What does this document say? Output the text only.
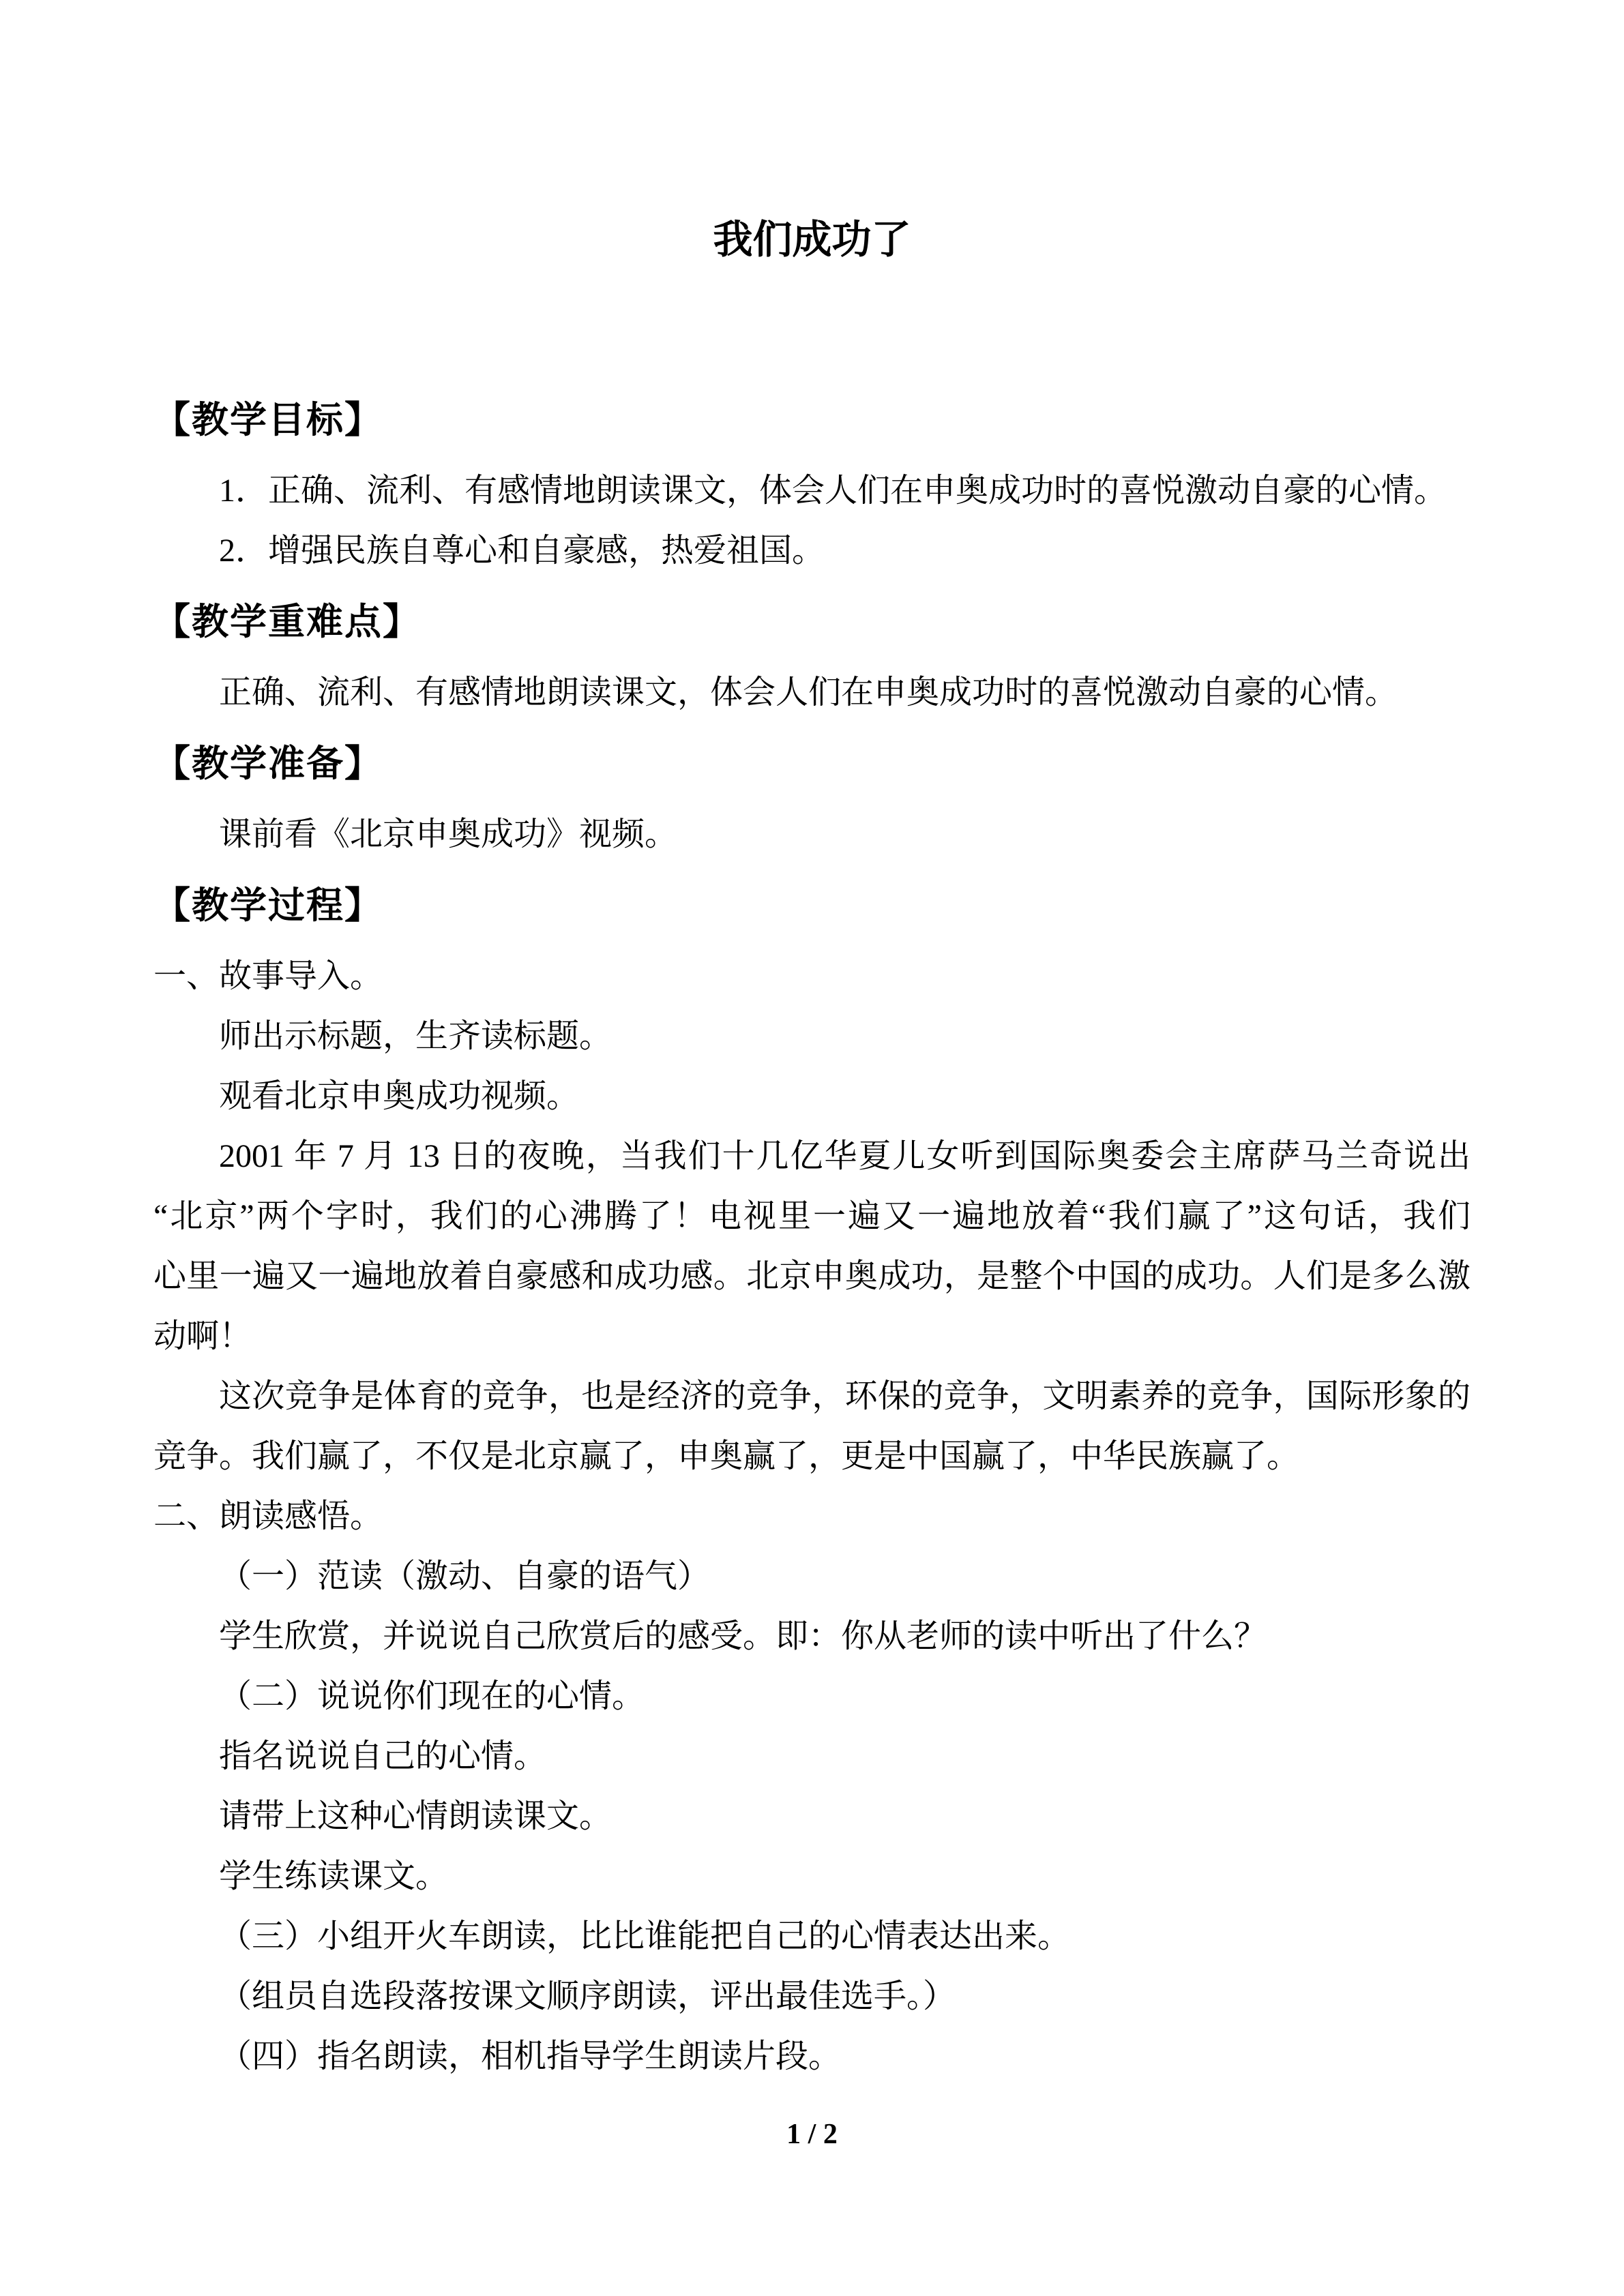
我们成功了

【教学目标】

1．正确、流利、有感情地朗读课文，体会人们在申奥成功时的喜悦激动自豪的心情。

2．增强民族自尊心和自豪感，热爱祖国。

【教学重难点】

正确、流利、有感情地朗读课文，体会人们在申奥成功时的喜悦激动自豪的心情。

【教学准备】

课前看《北京申奥成功》视频。

【教学过程】

一、故事导入。

师出示标题，生齐读标题。

观看北京申奥成功视频。

2001 年 7 月 13 日的夜晚，当我们十几亿华夏儿女听到国际奥委会主席萨马兰奇说出

“北京”两个字时，我们的心沸腾了！电视里一遍又一遍地放着“我们赢了”这句话，我们

心里一遍又一遍地放着自豪感和成功感。北京申奥成功，是整个中国的成功。人们是多么激

动啊！

这次竞争是体育的竞争，也是经济的竞争，环保的竞争，文明素养的竞争，国际形象的

竞争。我们赢了，不仅是北京赢了，申奥赢了，更是中国赢了，中华民族赢了。

二、朗读感悟。

（一）范读（激动、自豪的语气）

学生欣赏，并说说自己欣赏后的感受。即：你从老师的读中听出了什么？

（二）说说你们现在的心情。

指名说说自己的心情。

请带上这种心情朗读课文。

学生练读课文。

（三）小组开火车朗读，比比谁能把自己的心情表达出来。

（组员自选段落按课文顺序朗读，评出最佳选手。）

（四）指名朗读，相机指导学生朗读片段。

1 / 2
